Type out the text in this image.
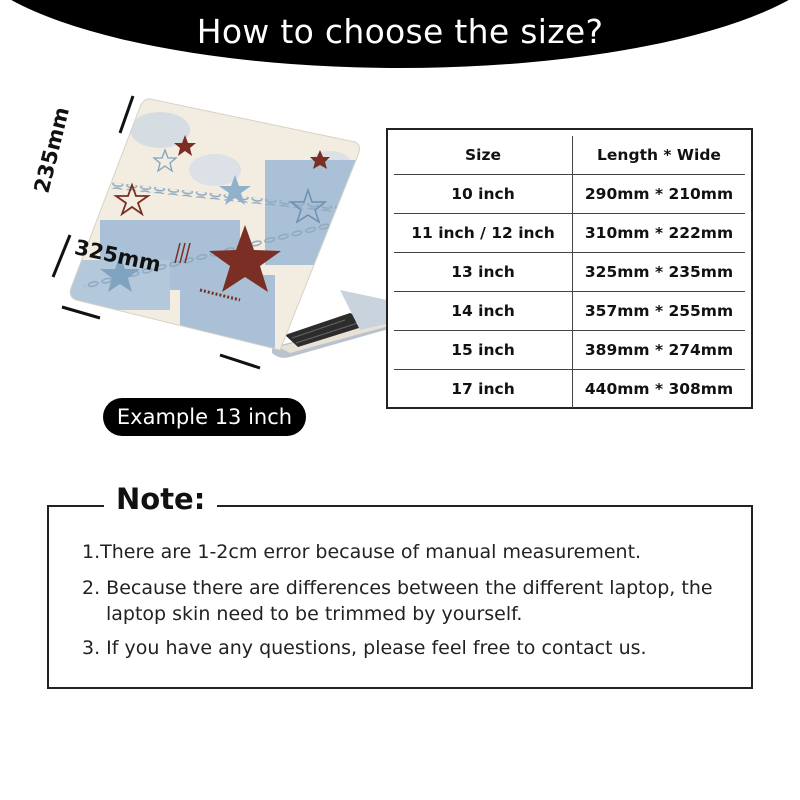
How to choose the size?
235mm
325mm
Example 13 inch
Size	Length * Wide
10 inch	290mm * 210mm
11 inch / 12 inch	310mm * 222mm
13 inch	325mm * 235mm
14 inch	357mm * 255mm
15 inch	389mm * 274mm
17 inch	440mm * 308mm
Note:
1.There are 1-2cm error because of manual measurement.
2. Because there are differences between the different laptop, the
laptop skin need to be trimmed by yourself.
3. If you have any questions, please feel free to contact us.
